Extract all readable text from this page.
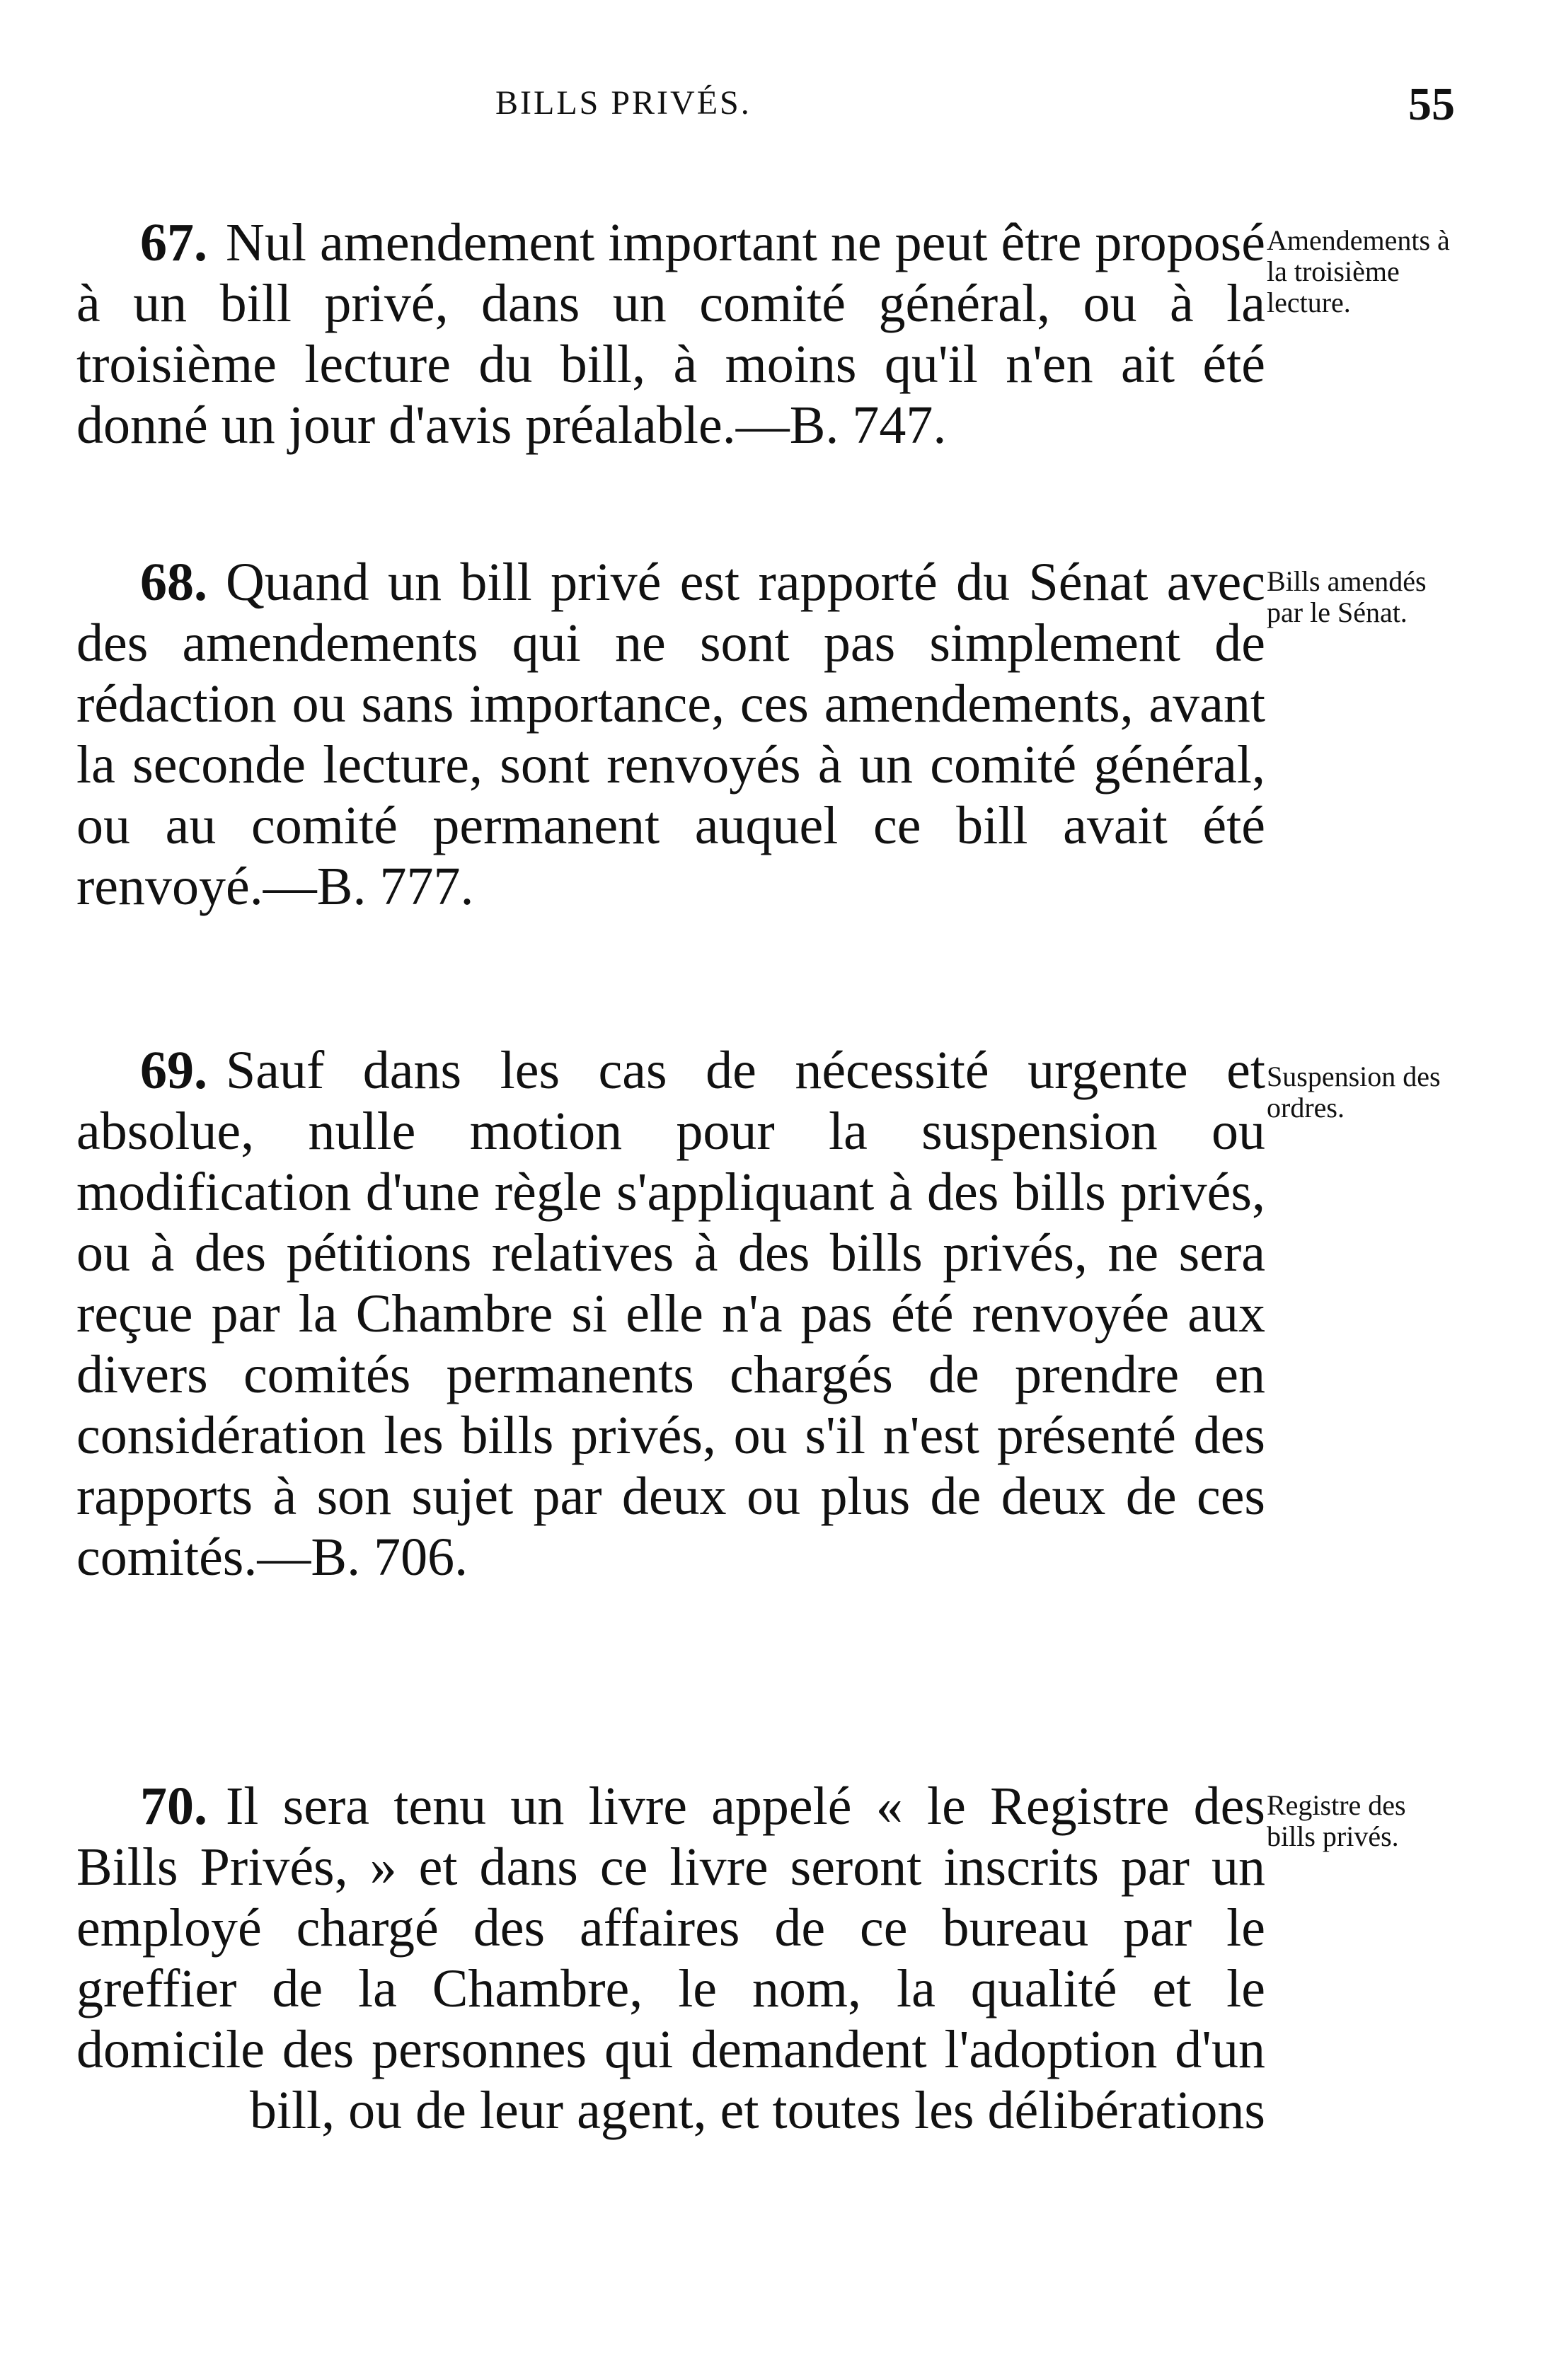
BILLS PRIVÉS.	55

67. Nul amendement important ne peut être proposé à un bill privé, dans un comité général, ou à la troisième lecture du bill, à moins qu'il n'en ait été donné un jour d'avis préalable.—B. 747.

Amendements à la troisième lecture.

68. Quand un bill privé est rapporté du Sénat avec des amendements qui ne sont pas simplement de rédaction ou sans importance, ces amendements, avant la seconde lecture, sont renvoyés à un comité général, ou au comité permanent auquel ce bill avait été renvoyé.—B. 777.

Bills amendés par le Sénat.

69. Sauf dans les cas de nécessité urgente et absolue, nulle motion pour la suspension ou modification d'une règle s'appliquant à des bills privés, ou à des pétitions relatives à des bills privés, ne sera reçue par la Chambre si elle n'a pas été renvoyée aux divers comités permanents chargés de prendre en considération les bills privés, ou s'il n'est présenté des rapports à son sujet par deux ou plus de deux de ces comités.—B. 706.

Suspension des ordres.

70. Il sera tenu un livre appelé « le Registre des Bills Privés, » et dans ce livre seront inscrits par un employé chargé des affaires de ce bureau par le greffier de la Chambre, le nom, la qualité et le domicile des personnes qui demandent l'adoption d'un bill, ou de leur agent, et toutes les délibérations

Registre des bills privés.
